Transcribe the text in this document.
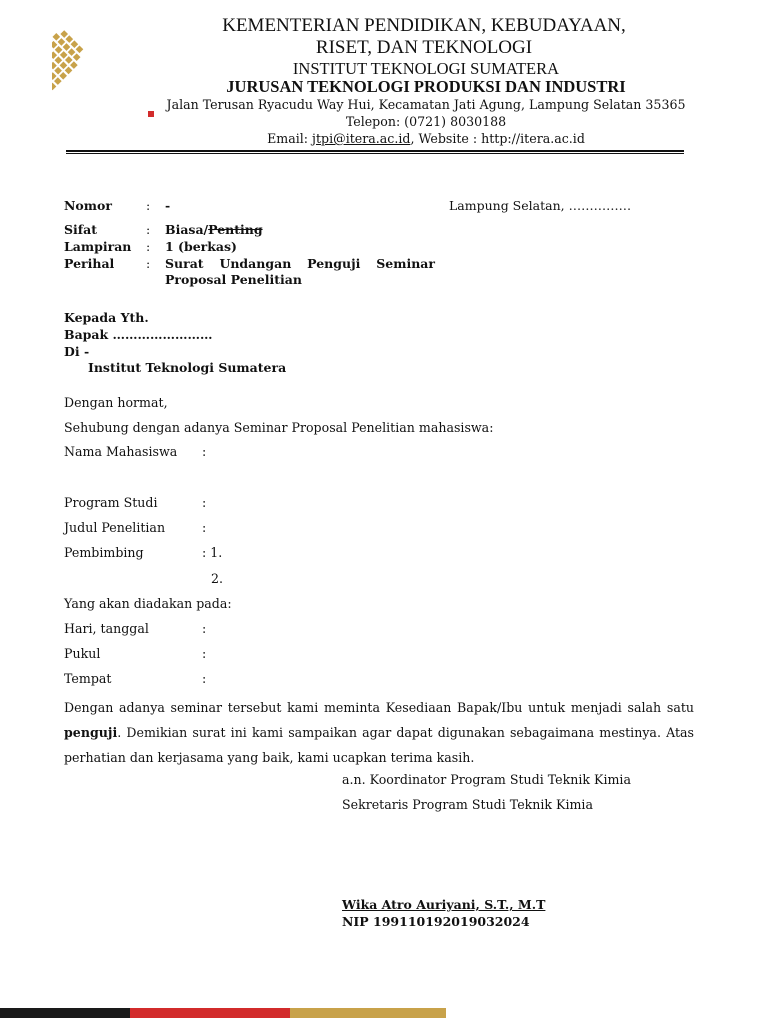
KEMENTERIAN PENDIDIKAN, KEBUDAYAAN,
RISET, DAN TEKNOLOGI
INSTITUT TEKNOLOGI SUMATERA
JURUSAN TEKNOLOGI PRODUKSI DAN INDUSTRI
Jalan Terusan Ryacudu Way Hui, Kecamatan Jati Agung, Lampung Selatan 35365
Telepon: (0721) 8030188
Email: jtpi@itera.ac.id, Website : http://itera.ac.id
Nomor	: -	Lampung Selatan, ……………
Sifat	: Biasa/Penting
Lampiran : 1 (berkas)
Perihal	: Surat Undangan Penguji Seminar
Proposal Penelitian
Kepada Yth.
Bapak ……………………
Di -
Institut Teknologi Sumatera
Dengan hormat,
Sehubung dengan adanya Seminar Proposal Penelitian mahasiswa:
Nama Mahasiswa :
Program Studi	:
Judul Penelitian	:
Pembimbing	: 1.
2.
Yang akan diadakan pada:
Hari, tanggal	:
Pukul	:
Tempat	:
Dengan adanya seminar tersebut kami meminta Kesediaan Bapak/Ibu untuk menjadi salah satu penguji. Demikian surat ini kami sampaikan agar dapat digunakan sebagaimana mestinya. Atas perhatian dan kerjasama yang baik, kami ucapkan terima kasih.
a.n. Koordinator Program Studi Teknik Kimia
Sekretaris Program Studi Teknik Kimia
Wika Atro Auriyani, S.T., M.T
NIP 199110192019032024
